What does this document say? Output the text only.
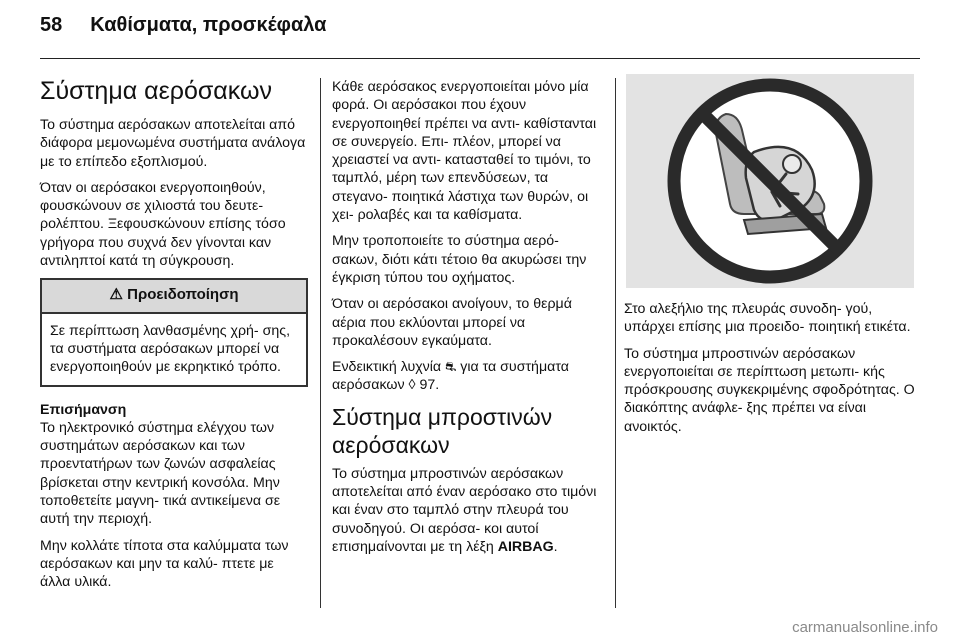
58 Καθίσματα, προσκέφαλα
Σύστημα αερόσακων

Το σύστημα αερόσακων αποτελείται από διάφορα μεμονωμένα συστήματα ανάλογα με το επίπεδο εξοπλισμού.

Όταν οι αερόσακοι ενεργοποιηθούν, φουσκώνουν σε χιλιοστά του δευτε- ρολέπτου. Ξεφουσκώνουν επίσης τόσο γρήγορα που συχνά δεν γίνονται καν αντιληπτοί κατά τη σύγκρουση.

⚠ Προειδοποίηση
Σε περίπτωση λανθασμένης χρή- σης, τα συστήματα αερόσακων μπορεί να ενεργοποιηθούν με εκρηκτικό τρόπο.
Επισήμανση

Το ηλεκτρονικό σύστημα ελέγχου των συστημάτων αερόσακων και των προεντατήρων των ζωνών ασφαλείας βρίσκεται στην κεντρική κονσόλα. Μην τοποθετείτε μαγνη- τικά αντικείμενα σε αυτή την περιοχή.

Μην κολλάτε τίποτα στα καλύμματα των αερόσακων και μην τα καλύ- πτετε με άλλα υλικά.

Κάθε αερόσακος ενεργοποιείται μόνο μία φορά. Οι αερόσακοι που έχουν ενεργοποιηθεί πρέπει να αντι- καθίστανται σε συνεργείο. Επι- πλέον, μπορεί να χρειαστεί να αντι- κατασταθεί το τιμόνι, το ταμπλό, μέρη των επενδύσεων, τα στεγανο- ποιητικά λάστιχα των θυρών, οι χει- ρολαβές και τα καθίσματα.

Μην τροποποιείτε το σύστημα αερό- σακων, διότι κάτι τέτοιο θα ακυρώσει την έγκριση τύπου του οχήματος.

Όταν οι αερόσακοι ανοίγουν, το θερμά αέρια που εκλύονται μπορεί να προκαλέσουν εγκαύματα.

Ενδεικτική λυχνία ⛐ για τα συστήματα αερόσακων ◊ 97.

Σύστημα μπροστινών αερόσακων

Το σύστημα μπροστινών αερόσακων αποτελείται από έναν αερόσακο στο τιμόνι και έναν στο ταμπλό στην πλευρά του συνοδηγού. Οι αερόσα- κοι αυτοί επισημαίνονται με τη λέξη AIRBAG.

Στο αλεξήλιο της πλευράς συνοδη- γού, υπάρχει επίσης μια προειδο- ποιητική ετικέτα.

Το σύστημα μπροστινών αερόσακων ενεργοποιείται σε περίπτωση μετωπι- κής πρόσκρουσης συγκεκριμένης σφοδρότητας. Ο διακόπτης ανάφλε- ξης πρέπει να είναι ανοικτός.

carmanualsonline.info
